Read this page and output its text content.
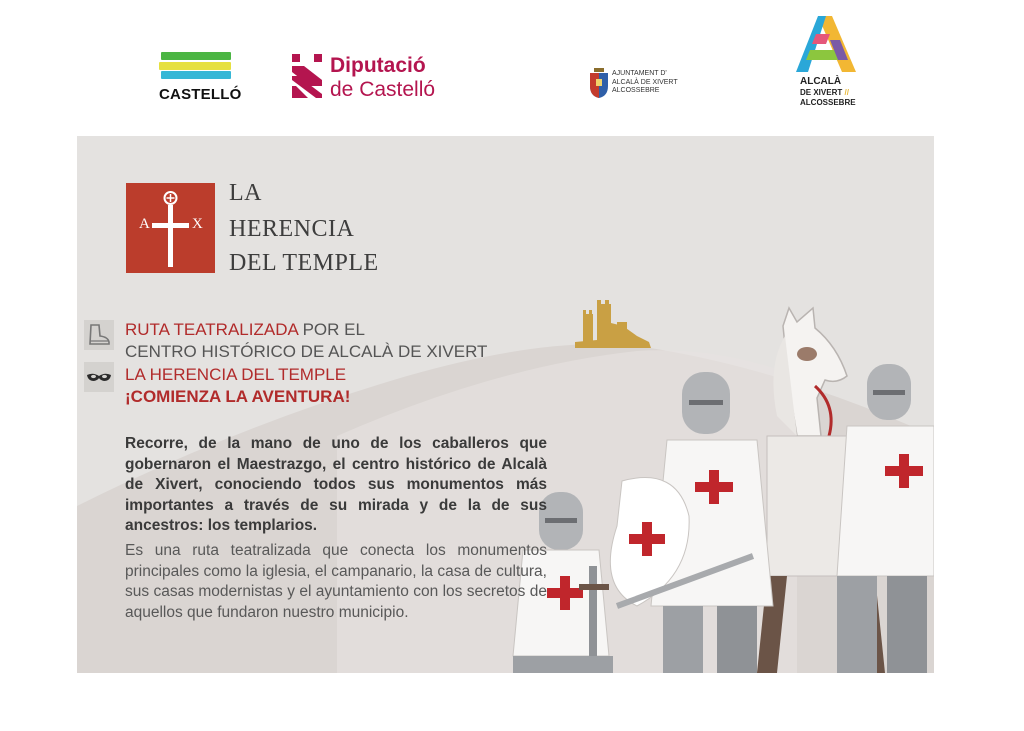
CASTELLÓ
Diputació
de Castelló
AJUNTAMENT D'
ALCALÀ DE XIVERT
ALCOSSEBRE
ALCALÀ
DE XIVERT //
ALCOSSEBRE
A	X
LA
HERENCIA
DEL TEMPLE
RUTA TEATRALIZADA POR EL
CENTRO HISTÓRICO DE ALCALÀ DE XIVERT
LA HERENCIA DEL TEMPLE
¡COMIENZA LA AVENTURA!
Recorre, de la mano de uno de los caballeros que gobernaron el Maestrazgo, el centro histórico de Alcalà de Xivert, conociendo todos sus monumentos más importantes a través de su mirada y de la de sus ancestros: los templarios.
Es una ruta teatralizada que conecta los monumentos principales como la iglesia, el campanario, la casa de cultura, sus casas modernistas y el ayuntamiento con los secretos de aquellos que fundaron nuestro municipio.
